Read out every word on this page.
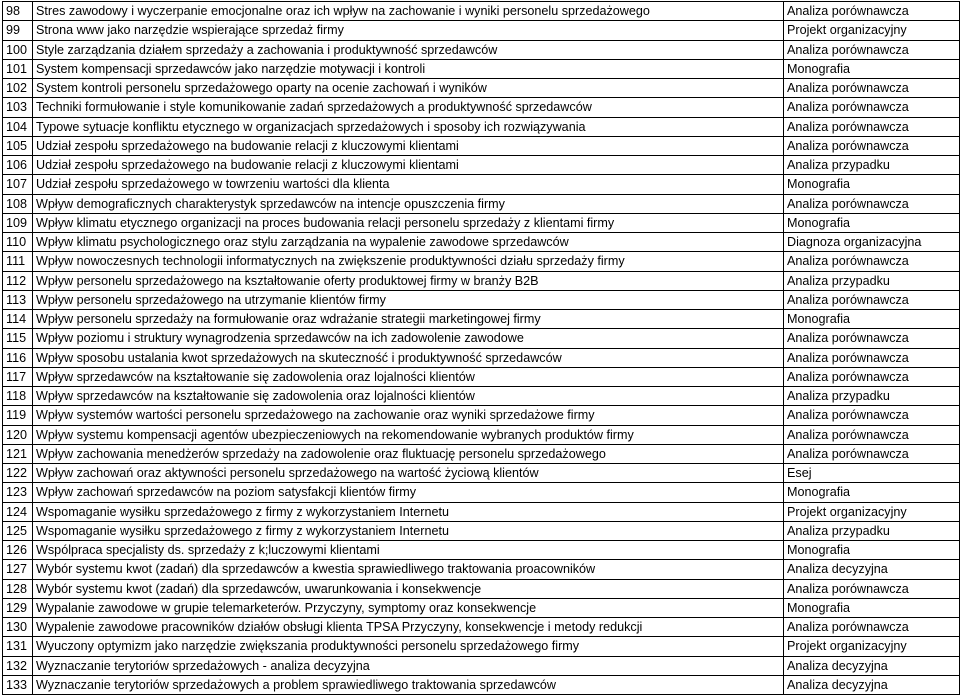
98	Stres zawodowy i wyczerpanie emocjonalne oraz ich wpływ na zachowanie i wyniki personelu sprzedażowego	Analiza porównawcza
99	Strona www jako narzędzie wspierające sprzedaż firmy	Projekt organizacyjny
100	Style zarządzania działem sprzedaży a zachowania i produktywność sprzedawców	Analiza porównawcza
101	System kompensacji sprzedawców jako narzędzie motywacji i kontroli	Monografia
102	System kontroli personelu sprzedażowego oparty na ocenie zachowań i wyników	Analiza porównawcza
103	Techniki formułowanie i style komunikowanie zadań sprzedażowych a produktywność sprzedawców	Analiza porównawcza
104	Typowe sytuacje konfliktu etycznego w organizacjach sprzedażowych i sposoby ich rozwiązywania	Analiza porównawcza
105	Udział zespołu sprzedażowego na budowanie relacji z kluczowymi klientami	Analiza porównawcza
106	Udział zespołu sprzedażowego na budowanie relacji z kluczowymi klientami	Analiza przypadku
107	Udział zespołu sprzedażowego w towrzeniu wartości dla klienta	Monografia
108	Wpływ demograficznych charakterystyk sprzedawców na intencje opuszczenia firmy	Analiza porównawcza
109	Wpływ klimatu etycznego organizacji na proces budowania relacji personelu sprzedaży z klientami firmy	Monografia
110	Wpływ klimatu psychologicznego oraz stylu zarządzania na wypalenie zawodowe sprzedawców	Diagnoza organizacyjna
111	Wpływ nowoczesnych technologii informatycznych na zwiększenie produktywności działu sprzedaży firmy	Analiza porównawcza
112	Wpływ personelu sprzedażowego na kształtowanie oferty produktowej firmy w branży B2B	Analiza przypadku
113	Wpływ personelu sprzedażowego na utrzymanie klientów firmy	Analiza porównawcza
114	Wpływ personelu sprzedaży na formułowanie oraz wdrażanie strategii marketingowej firmy	Monografia
115	Wpływ poziomu i struktury wynagrodzenia sprzedawców na ich zadowolenie zawodowe	Analiza porównawcza
116	Wpływ sposobu ustalania kwot sprzedażowych na skuteczność i produktywność sprzedawców	Analiza porównawcza
117	Wpływ sprzedawców na kształtowanie się zadowolenia oraz lojalności klientów	Analiza porównawcza
118	Wpływ sprzedawców na kształtowanie się zadowolenia oraz lojalności klientów	Analiza przypadku
119	Wpływ systemów wartości personelu sprzedażowego na zachowanie oraz wyniki sprzedażowe firmy	Analiza porównawcza
120	Wpływ systemu kompensacji agentów ubezpieczeniowych na rekomendowanie wybranych produktów firmy	Analiza porównawcza
121	Wpływ zachowania menedżerów sprzedaży na zadowolenie oraz fluktuację personelu sprzedażowego	Analiza porównawcza
122	Wpływ zachowań oraz aktywności personelu sprzedażowego na wartość życiową klientów	Esej
123	Wpływ zachowań sprzedawców na poziom satysfakcji klientów firmy	Monografia
124	Wspomaganie wysiłku sprzedażowego z firmy z wykorzystaniem Internetu	Projekt organizacyjny
125	Wspomaganie wysiłku sprzedażowego z firmy z wykorzystaniem Internetu	Analiza przypadku
126	Wspólpraca specjalisty ds. sprzedaży z k;luczowymi klientami	Monografia
127	Wybór systemu kwot (zadań) dla sprzedawców a kwestia sprawiedliwego traktowania proacowników	Analiza decyzyjna
128	Wybór systemu kwot (zadań) dla sprzedawców, uwarunkowania i konsekwencje	Analiza porównawcza
129	Wypalanie zawodowe w grupie telemarketerów. Przyczyny, symptomy oraz konsekwencje	Monografia
130	Wypalenie zawodowe pracowników działów obsługi klienta TPSA Przyczyny, konsekwencje i metody redukcji	Analiza porównawcza
131	Wyuczony optymizm jako narzędzie zwiększania produktywności personelu sprzedażowego firmy	Projekt organizacyjny
132	Wyznaczanie terytoriów sprzedażowych - analiza decyzyjna	Analiza decyzyjna
133	Wyznaczanie terytoriów sprzedażowych a problem sprawiedliwego traktowania sprzedawców	Analiza decyzyjna
